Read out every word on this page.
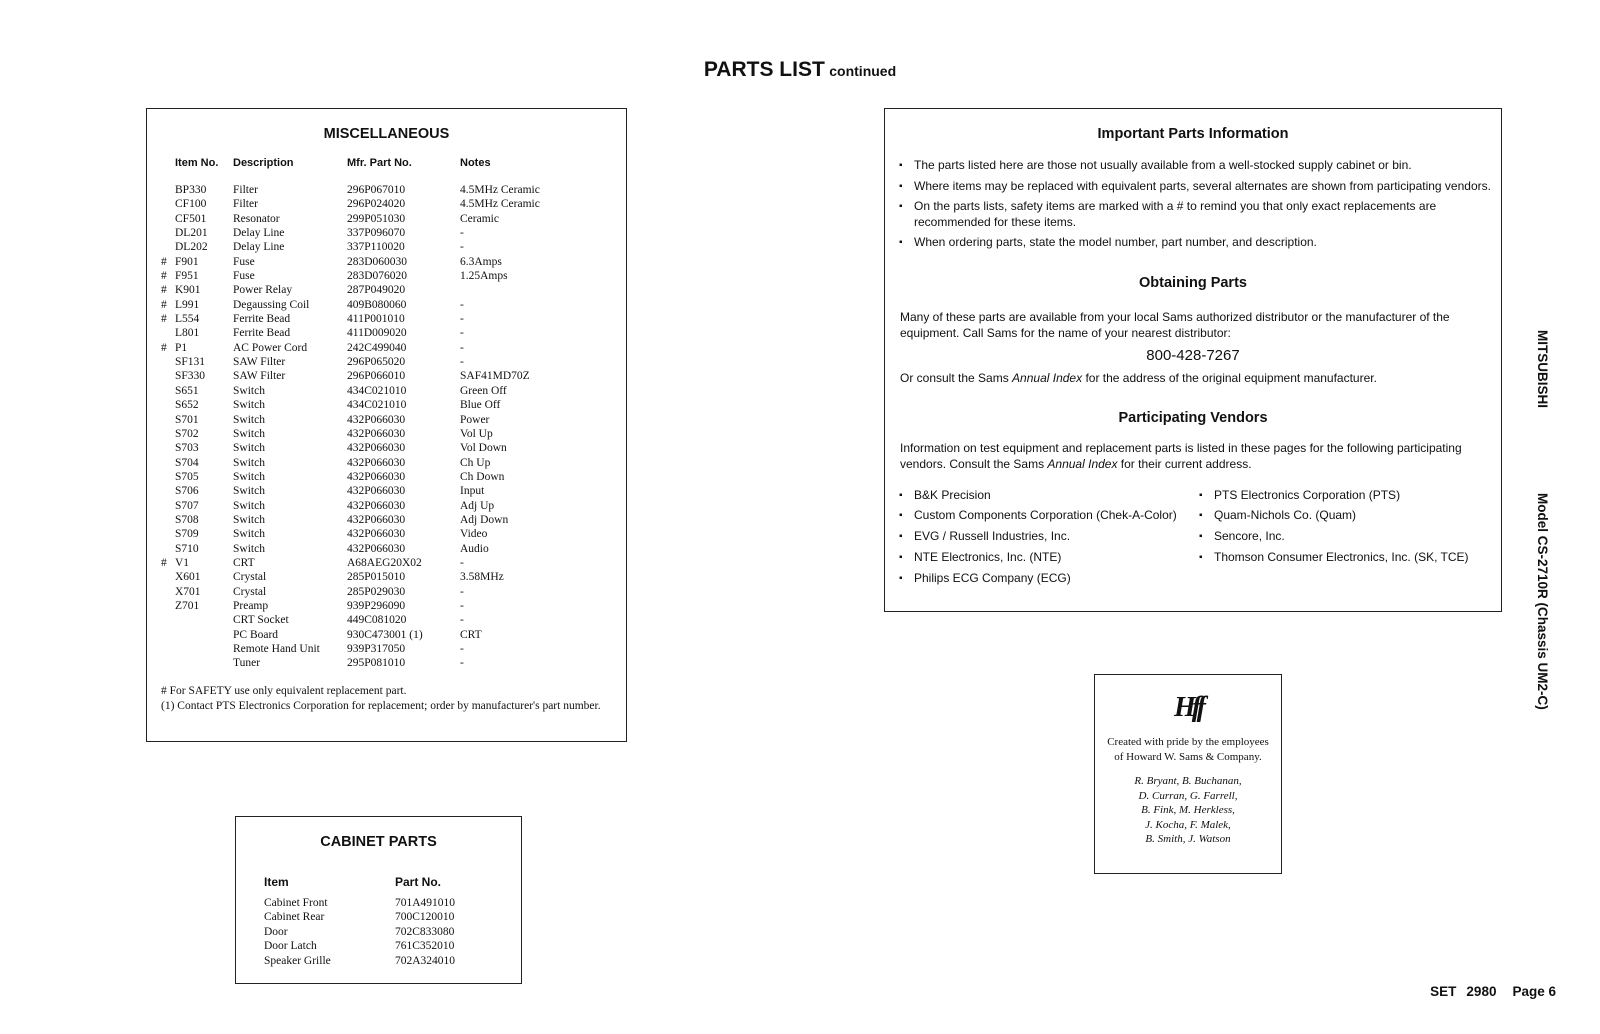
PARTS LIST continued
MISCELLANEOUS
Item No. Description	Mfr. Part No.	Notes
BP330 Filter	296P067010	4.5MHz Ceramic
CF100 Filter	296P024020	4.5MHz Ceramic
CF501 Resonator	299P051030	Ceramic
DL201 Delay Line	337P096070	-
DL202 Delay Line	337P110020	-
# F901	Fuse	283D060030	6.3Amps
# F951	Fuse	283D076020	1.25Amps
# K901	Power Relay	287P049020
# L991	Degaussing Coil	409B080060	-
# L554	Ferrite Bead	411P001010	-
L801	Ferrite Bead	411D009020	-
# P1	AC Power Cord	242C499040	-
SF131 SAW Filter	296P065020	-
SF330 SAW Filter	296P066010	SAF41MD70Z
S651	Switch	434C021010	Green Off
S652	Switch	434C021010	Blue Off
S701	Switch	432P066030	Power
S702	Switch	432P066030	Vol Up
S703	Switch	432P066030	Vol Down
S704	Switch	432P066030	Ch Up
S705	Switch	432P066030	Ch Down
S706	Switch	432P066030	Input
S707	Switch	432P066030	Adj Up
S708	Switch	432P066030	Adj Down
S709	Switch	432P066030	Video
S710	Switch	432P066030	Audio
# V1	CRT	A68AEG20X02	-
X601	Crystal	285P015010	3.58MHz
X701	Crystal	285P029030	-
Z701	Preamp	939P296090	-
CRT Socket	449C081020	-
PC Board	930C473001 (1)	CRT
Remote Hand Unit 939P317050	-
Tuner	295P081010	-
# For SAFETY use only equivalent replacement part.
(1) Contact PTS Electronics Corporation for replacement; order by manufacturer's part number.
CABINET PARTS
Item	Part No.
Cabinet Front	701A491010
Cabinet Rear	700C120010
Door	702C833080
Door Latch	761C352010
Speaker Grille	702A324010
Important Parts Information
▪ The parts listed here are those not usually available from a well-stocked supply cabinet or bin.
▪ Where items may be replaced with equivalent parts, several alternates are shown from participating vendors.
▪ On the parts lists, safety items are marked with a # to remind you that only exact replacements are recommended for these items.
▪ When ordering parts, state the model number, part number, and description.
Obtaining Parts
Many of these parts are available from your local Sams authorized distributor or the manufacturer of the equipment. Call Sams for the name of your nearest distributor:
800-428-7267
Or consult the Sams Annual Index for the address of the original equipment manufacturer.
Participating Vendors
Information on test equipment and replacement parts is listed in these pages for the following participating vendors. Consult the Sams Annual Index for their current address.
▪ B&K Precision
▪ Custom Components Corporation (Chek-A-Color)
▪ EVG / Russell Industries, Inc.
▪ NTE Electronics, Inc. (NTE)
▪ Philips ECG Company (ECG)
▪ PTS Electronics Corporation (PTS)
▪ Quam-Nichols Co. (Quam)
▪ Sencore, Inc.
▪ Thomson Consumer Electronics, Inc. (SK, TCE)
Hff
Created with pride by the employees of Howard W. Sams & Company.
R. Bryant, B. Buchanan,
D. Curran, G. Farrell,
B. Fink, M. Herkless,
J. Kocha, F. Malek,
B. Smith, J. Watson
MITSUBISHI
Model CS-2710R (Chassis UM2-C)
SET 2980 Page 6
